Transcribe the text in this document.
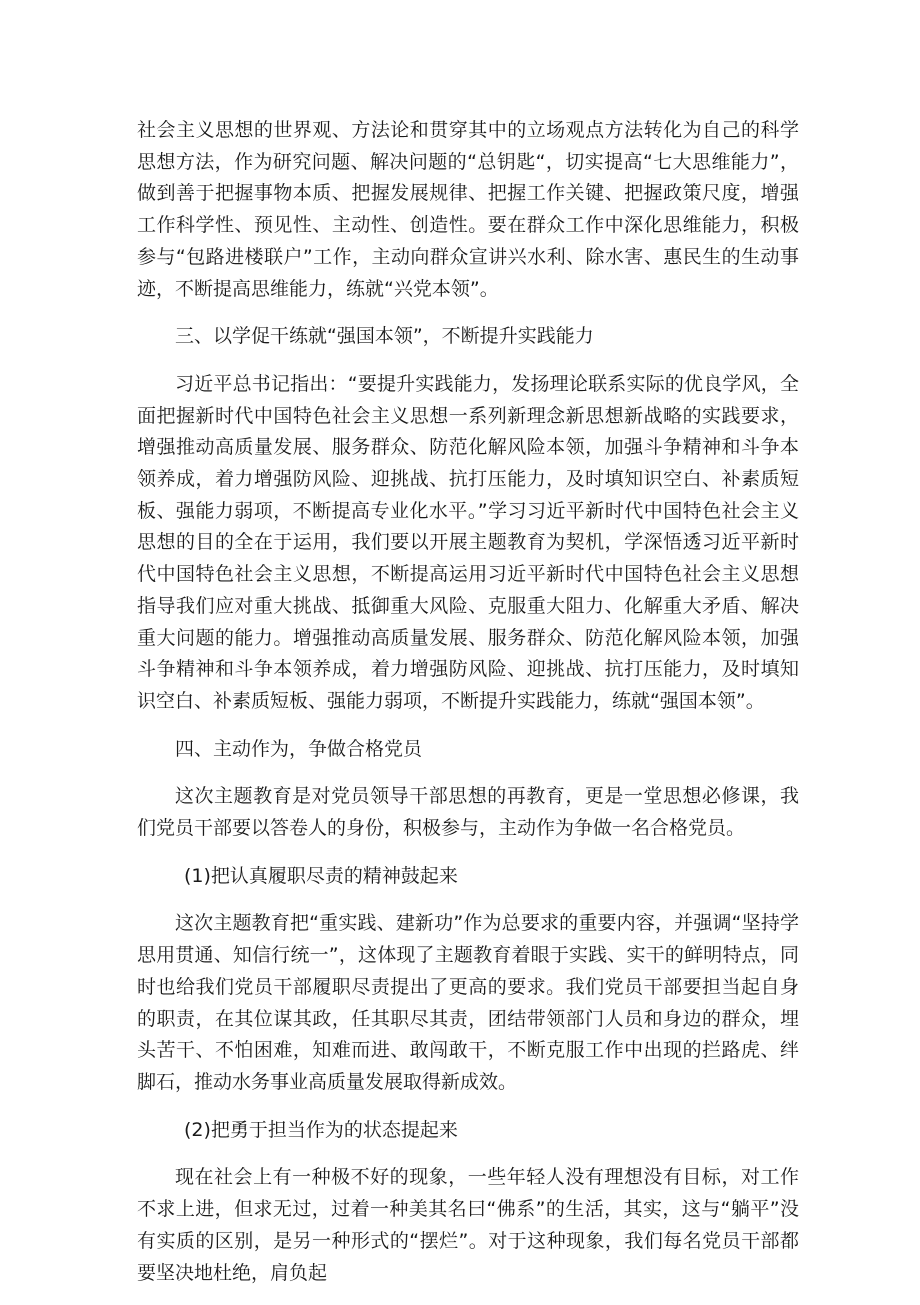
社会主义思想的世界观、方法论和贯穿其中的立场观点方法转化为自己的科学思想方法，作为研究问题、解决问题的“总钥匙“，切实提高“七大思维能力”，做到善于把握事物本质、把握发展规律、把握工作关键、把握政策尺度，增强工作科学性、预见性、主动性、创造性。要在群众工作中深化思维能力，积极参与“包路进楼联户”工作，主动向群众宣讲兴水利、除水害、惠民生的生动事迹，不断提高思维能力，练就“兴党本领”。

三、以学促干练就“强国本领”，不断提升实践能力

习近平总书记指出：“要提升实践能力，发扬理论联系实际的优良学风，全面把握新时代中国特色社会主义思想一系列新理念新思想新战略的实践要求，增强推动高质量发展、服务群众、防范化解风险本领，加强斗争精神和斗争本领养成，着力增强防风险、迎挑战、抗打压能力，及时填知识空白、补素质短板、强能力弱项，不断提高专业化水平。”学习习近平新时代中国特色社会主义思想的目的全在于运用，我们要以开展主题教育为契机，学深悟透习近平新时代中国特色社会主义思想，不断提高运用习近平新时代中国特色社会主义思想指导我们应对重大挑战、抵御重大风险、克服重大阻力、化解重大矛盾、解决重大问题的能力。增强推动高质量发展、服务群众、防范化解风险本领，加强斗争精神和斗争本领养成，着力增强防风险、迎挑战、抗打压能力，及时填知识空白、补素质短板、强能力弱项，不断提升实践能力，练就“强国本领”。

四、主动作为，争做合格党员

这次主题教育是对党员领导干部思想的再教育，更是一堂思想必修课，我们党员干部要以答卷人的身份，积极参与，主动作为争做一名合格党员。

(1)把认真履职尽责的精神鼓起来

这次主题教育把“重实践、建新功”作为总要求的重要内容，并强调“坚持学思用贯通、知信行统一”，这体现了主题教育着眼于实践、实干的鲜明特点，同时也给我们党员干部履职尽责提出了更高的要求。我们党员干部要担当起自身的职责，在其位谋其政，任其职尽其责，团结带领部门人员和身边的群众，埋头苦干、不怕困难，知难而进、敢闯敢干，不断克服工作中出现的拦路虎、绊脚石，推动水务事业高质量发展取得新成效。

(2)把勇于担当作为的状态提起来

现在社会上有一种极不好的现象，一些年轻人没有理想没有目标，对工作不求上进，但求无过，过着一种美其名曰“佛系”的生活，其实，这与“躺平”没有实质的区别，是另一种形式的“摆烂”。对于这种现象，我们每名党员干部都要坚决地杜绝，肩负起
